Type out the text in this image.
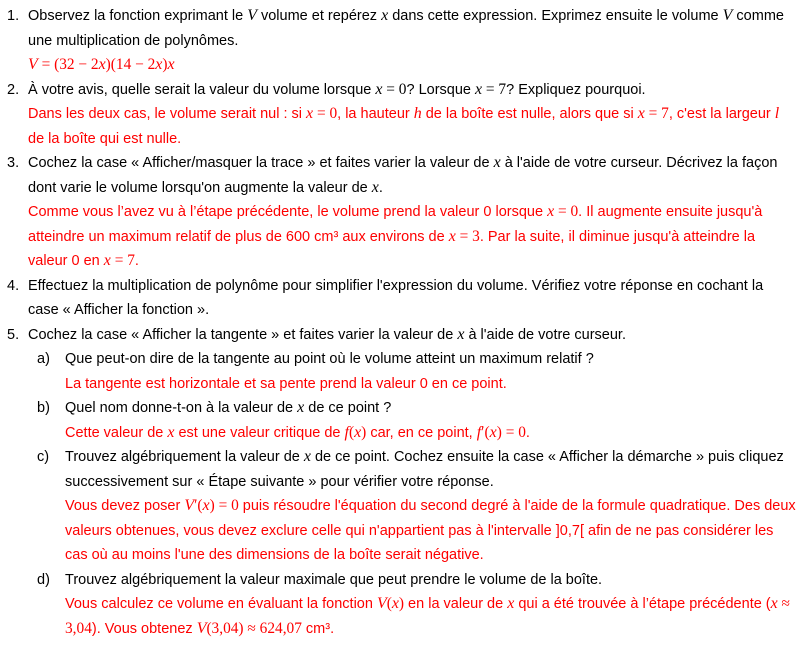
1. Observez la fonction exprimant le V volume et repérez x dans cette expression. Exprimez ensuite le volume V comme une multiplication de polynômes.

V = (32 − 2x)(14 − 2x)x

2. À votre avis, quelle serait la valeur du volume lorsque x = 0? Lorsque x = 7? Expliquez pourquoi.

Dans les deux cas, le volume serait nul : si x = 0, la hauteur h de la boîte est nulle, alors que si x = 7, c'est la largeur l de la boîte qui est nulle.

3. Cochez la case « Afficher/masquer la trace » et faites varier la valeur de x à l'aide de votre curseur. Décrivez la façon dont varie le volume lorsqu'on augmente la valeur de x.

Comme vous l’avez vu à l’étape précédente, le volume prend la valeur 0 lorsque x = 0. Il augmente ensuite jusqu'à atteindre un maximum relatif de plus de 600 cm³ aux environs de x = 3. Par la suite, il diminue jusqu'à atteindre la valeur 0 en x = 7.

4. Effectuez la multiplication de polynôme pour simplifier l'expression du volume. Vérifiez votre réponse en cochant la case « Afficher la fonction ».

5. Cochez la case « Afficher la tangente » et faites varier la valeur de x à l'aide de votre curseur.

a)	Que peut-on dire de la tangente au point où le volume atteint un maximum relatif ?

La tangente est horizontale et sa pente prend la valeur 0 en ce point.

b)	Quel nom donne-t-on à la valeur de x de ce point ?

Cette valeur de x est une valeur critique de f(x) car, en ce point, f′(x) = 0.

c)	Trouvez algébriquement la valeur de x de ce point. Cochez ensuite la case « Afficher la démarche » puis cliquez successivement sur « Étape suivante » pour vérifier votre réponse.

Vous devez poser V′(x) = 0 puis résoudre l'équation du second degré à l'aide de la formule quadratique. Des deux valeurs obtenues, vous devez exclure celle qui n'appartient pas à l'intervalle ]0,7[ afin de ne pas considérer les cas où au moins l'une des dimensions de la boîte serait négative.

d)	Trouvez algébriquement la valeur maximale que peut prendre le volume de la boîte.

Vous calculez ce volume en évaluant la fonction V(x) en la valeur de x qui a été trouvée à l’étape précédente (x ≈ 3,04). Vous obtenez V(3,04) ≈ 624,07 cm³.
